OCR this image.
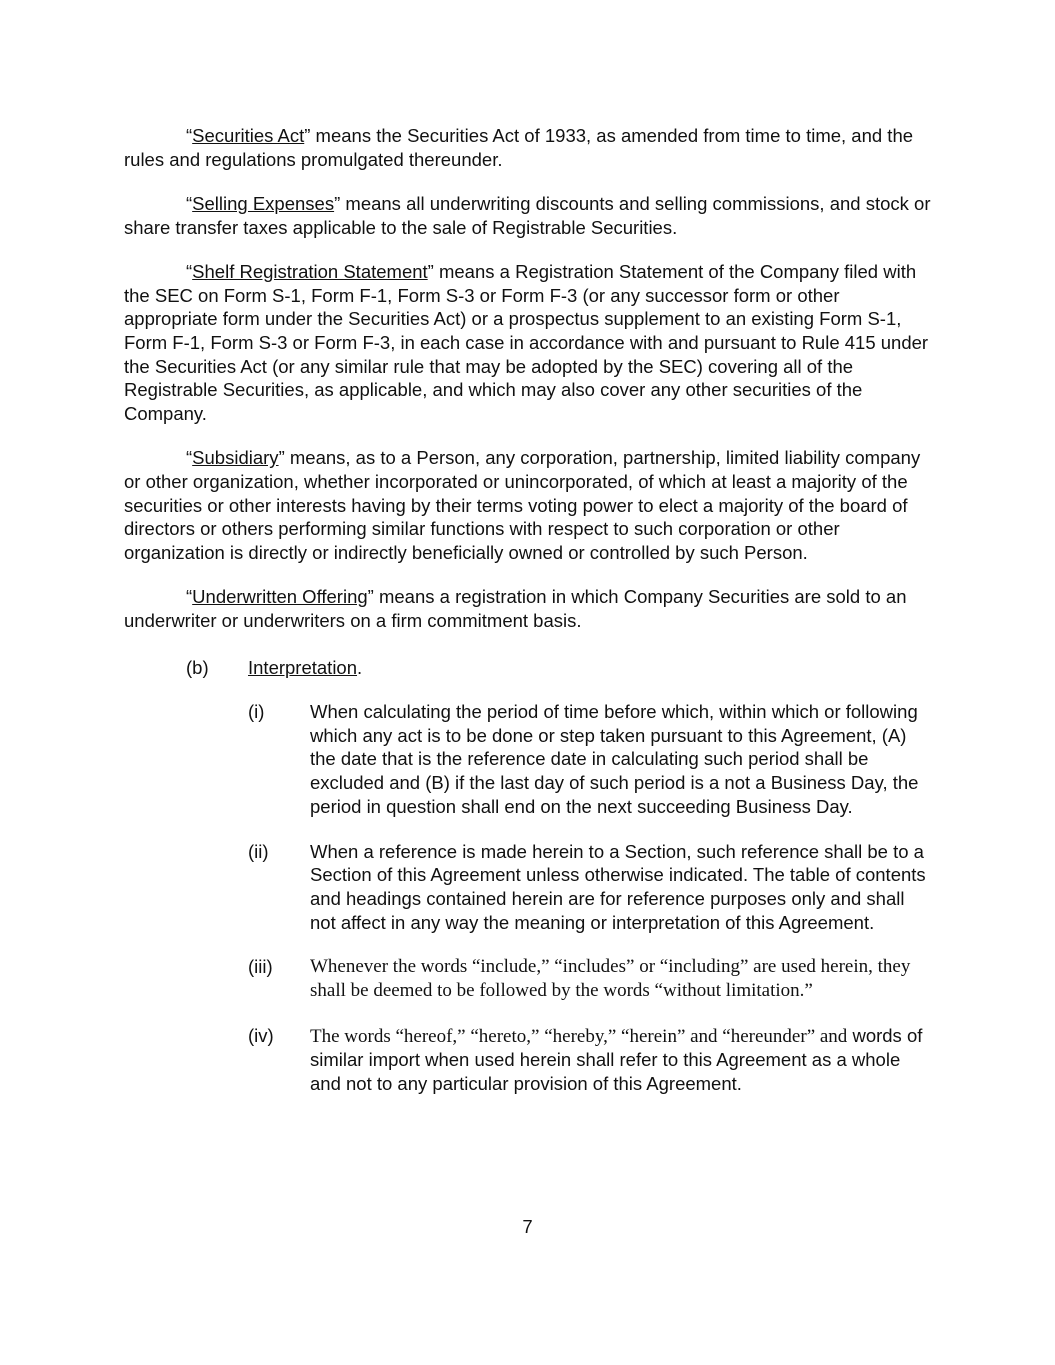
“Securities Act” means the Securities Act of 1933, as amended from time to time, and the rules and regulations promulgated thereunder.

“Selling Expenses” means all underwriting discounts and selling commissions, and stock or share transfer taxes applicable to the sale of Registrable Securities.

“Shelf Registration Statement” means a Registration Statement of the Company filed with the SEC on Form S-1, Form F-1, Form S-3 or Form F-3 (or any successor form or other appropriate form under the Securities Act) or a prospectus supplement to an existing Form S-1, Form F-1, Form S-3 or Form F-3, in each case in accordance with and pursuant to Rule 415 under the Securities Act (or any similar rule that may be adopted by the SEC) covering all of the Registrable Securities, as applicable, and which may also cover any other securities of the Company.

“Subsidiary” means, as to a Person, any corporation, partnership, limited liability company or other organization, whether incorporated or unincorporated, of which at least a majority of the securities or other interests having by their terms voting power to elect a majority of the board of directors or others performing similar functions with respect to such corporation or other organization is directly or indirectly beneficially owned or controlled by such Person.

“Underwritten Offering” means a registration in which Company Securities are sold to an underwriter or underwriters on a firm commitment basis.

(b) Interpretation.
(i) When calculating the period of time before which, within which or following which any act is to be done or step taken pursuant to this Agreement, (A) the date that is the reference date in calculating such period shall be excluded and (B) if the last day of such period is a not a Business Day, the period in question shall end on the next succeeding Business Day.
(ii) When a reference is made herein to a Section, such reference shall be to a Section of this Agreement unless otherwise indicated. The table of contents and headings contained herein are for reference purposes only and shall not affect in any way the meaning or interpretation of this Agreement.
(iii) Whenever the words “include,” “includes” or “including” are used herein, they shall be deemed to be followed by the words “without limitation.”
(iv) The words “hereof,” “hereto,” “hereby,” “herein” and “hereunder” and words of similar import when used herein shall refer to this Agreement as a whole and not to any particular provision of this Agreement.
7
